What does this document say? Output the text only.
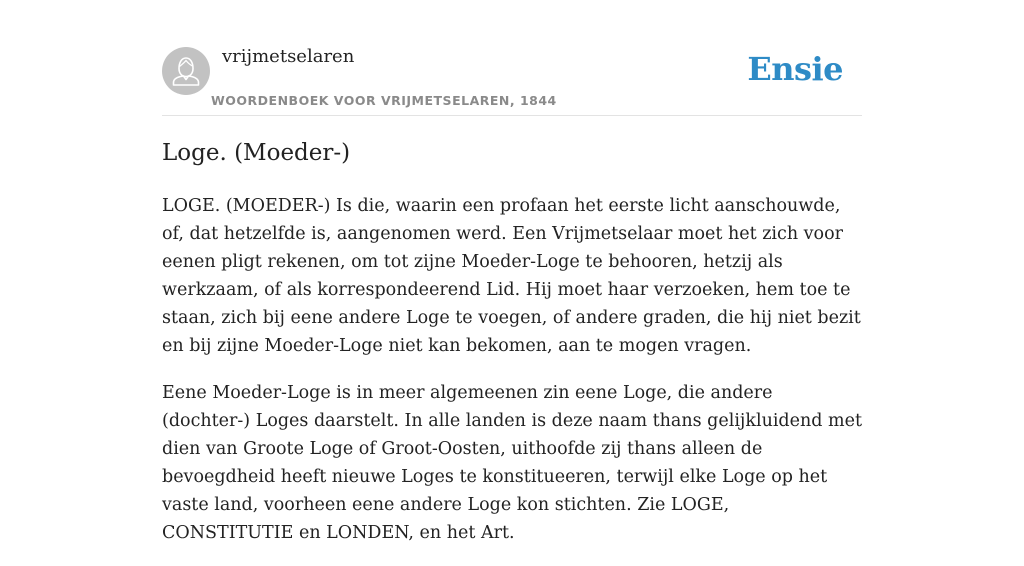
vrijmetselaren
WOORDENBOEK VOOR VRIJMETSELAREN, 1844
Ensie
Loge. (Moeder-)

LOGE. (MOEDER-) Is die, waarin een profaan het eerste licht aanschouwde, of, dat hetzelfde is, aangenomen werd. Een Vrijmetselaar moet het zich voor eenen pligt rekenen, om tot zijne Moeder-Loge te behooren, hetzij als werkzaam, of als korrespondeerend Lid. Hij moet haar verzoeken, hem toe te staan, zich bij eene andere Loge te voegen, of andere graden, die hij niet bezit en bij zijne Moeder-Loge niet kan bekomen, aan te mogen vragen.

Eene Moeder-Loge is in meer algemeenen zin eene Loge, die andere (dochter-) Loges daarstelt. In alle landen is deze naam thans gelijkluidend met dien van Groote Loge of Groot-Oosten, uithoofde zij thans alleen de bevoegdheid heeft nieuwe Loges te konstitueeren, terwijl elke Loge op het vaste land, voorheen eene andere Loge kon stichten. Zie LOGE, CONSTITUTIE en LONDEN, en het Art.
